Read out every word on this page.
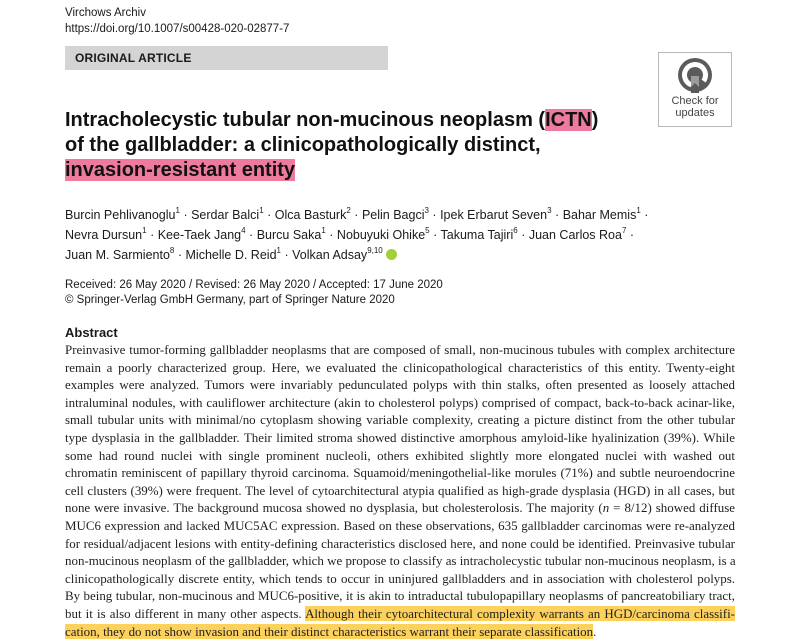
Virchows Archiv
https://doi.org/10.1007/s00428-020-02877-7
ORIGINAL ARTICLE
Check for
updates
Intracholecystic tubular non-mucinous neoplasm (ICTN)
of the gallbladder: a clinicopathologically distinct,
invasion-resistant entity
Burcin Pehlivanoglu$^1$ · Serdar Balci$^1$ · Olca Basturk$^2$ · Pelin Bagci$^3$ · Ipek Erbarut Seven$^3$ · Bahar Memis$^1$ ·
Nevra Dursun$^1$ · Kee-Taek Jang$^4$ · Burcu Saka$^1$ · Nobuyuki Ohike$^5$ · Takuma Tajiri$^6$ · Juan Carlos Roa$^7$ ·
Juan M. Sarmiento$^8$ · Michelle D. Reid$^1$ · Volkan Adsay$^{9,10}$
Received: 26 May 2020 / Revised: 26 May 2020 / Accepted: 17 June 2020
© Springer-Verlag GmbH Germany, part of Springer Nature 2020
Abstract
Preinvasive tumor-forming gallbladder neoplasms that are composed of small, non-mucinous tubules with complex architecture
remain a poorly characterized group. Here, we evaluated the clinicopathological characteristics of this entity. Twenty-eight
examples were analyzed. Tumors were invariably pedunculated polyps with thin stalks, often presented as loosely attached
intraluminal nodules, with cauliflower architecture (akin to cholesterol polyps) comprised of compact, back-to-back acinar-like,
small tubular units with minimal/no cytoplasm showing variable complexity, creating a picture distinct from the other tubular
type dysplasia in the gallbladder. Their limited stroma showed distinctive amorphous amyloid-like hyalinization (39%). While
some had round nuclei with single prominent nucleoli, others exhibited slightly more elongated nuclei with washed out
chromatin reminiscent of papillary thyroid carcinoma. Squamoid/meningothelial-like morules (71%) and subtle neuroendocrine
cell clusters (39%) were frequent. The level of cytoarchitectural atypia qualified as high-grade dysplasia (HGD) in all cases, but
none were invasive. The background mucosa showed no dysplasia, but cholesterolosis. The majority (n = 8/12) showed diffuse
MUC6 expression and lacked MUC5AC expression. Based on these observations, 635 gallbladder carcinomas were re-analyzed
for residual/adjacent lesions with entity-defining characteristics disclosed here, and none could be identified. Preinvasive tubular
non-mucinous neoplasm of the gallbladder, which we propose to classify as intracholecystic tubular non-mucinous neoplasm, is a
clinicopathologically discrete entity, which tends to occur in uninjured gallbladders and in association with cholesterol polyps.
By being tubular, non-mucinous and MUC6-positive, it is akin to intraductal tubulopapillary neoplasms of pancreatobiliary tract,
but it is also different in many other aspects. Although their cytoarchitectural complexity warrants an HGD/carcinoma classifi-
cation, they do not show invasion and their distinct characteristics warrant their separate classification.
